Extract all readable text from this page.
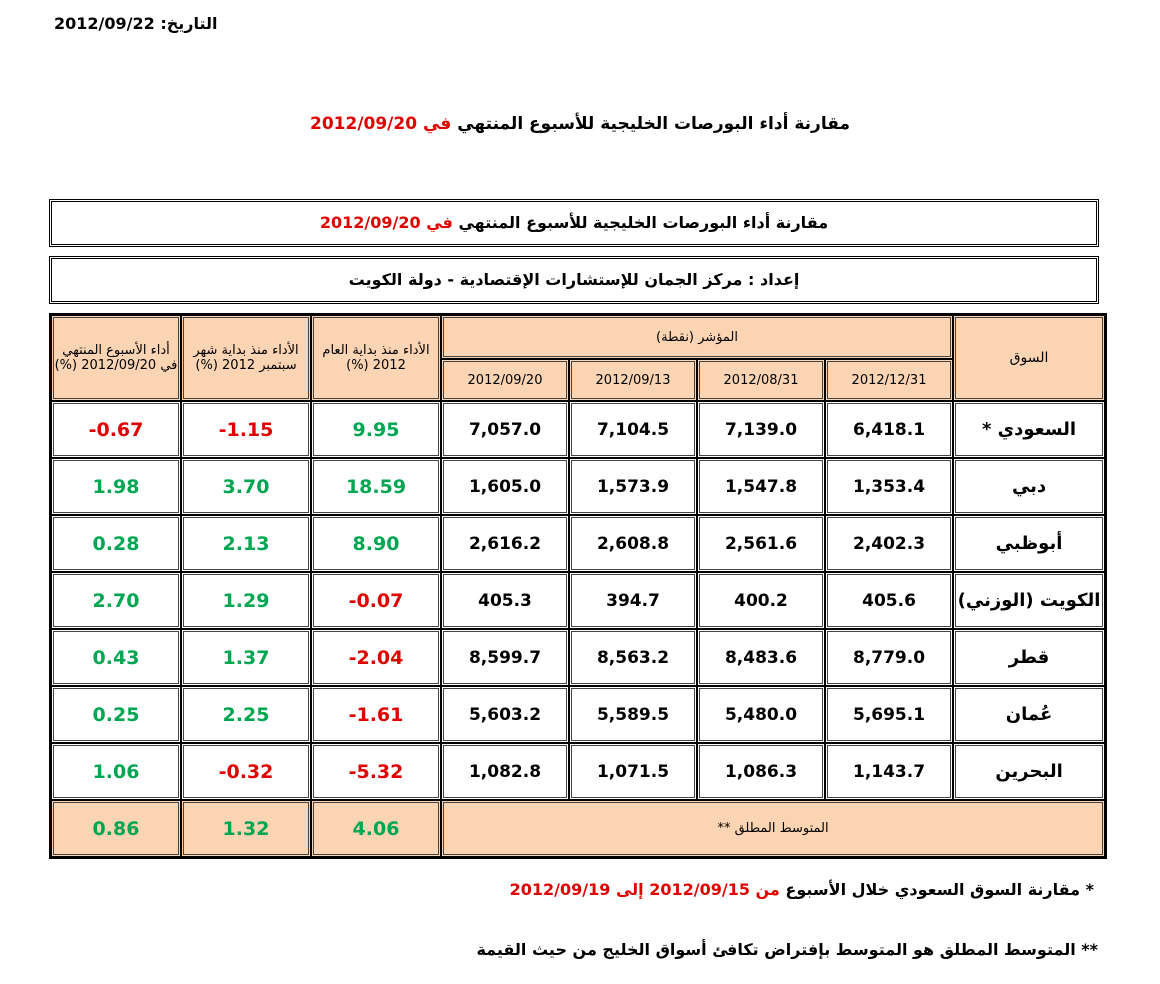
التاريخ: 2012/09/22
مقارنة أداء البورصات الخليجية للأسبوع المنتهي في 2012/09/20
مقارنة أداء البورصات الخليجية للأسبوع المنتهي في 2012/09/20
إعداد : مركز الجمان للإستشارات الإقتصادية - دولة الكويت
أداء الأسبوع المنتهي في 2012/09/20 (%)	الأداء منذ بداية شهر سبتمبر 2012 (%)	الأداء منذ بداية العام 2012 (%)	المؤشر (نقطة)				السوق
			2012/09/20	2012/09/13	2012/08/31	2012/12/31	
-0.67	-1.15	9.95	7,057.0	7,104.5	7,139.0	6,418.1	السعودي *
1.98	3.70	18.59	1,605.0	1,573.9	1,547.8	1,353.4	دبي
0.28	2.13	8.90	2,616.2	2,608.8	2,561.6	2,402.3	أبوظبي
2.70	1.29	-0.07	405.3	394.7	400.2	405.6	الكويت (الوزني)
0.43	1.37	-2.04	8,599.7	8,563.2	8,483.6	8,779.0	قطر
0.25	2.25	-1.61	5,603.2	5,589.5	5,480.0	5,695.1	عُمان
1.06	-0.32	-5.32	1,082.8	1,071.5	1,086.3	1,143.7	البحرين
0.86	1.32	4.06	المتوسط المطلق **				
* مقارنة السوق السعودي خلال الأسبوع من 2012/09/15 إلى 2012/09/19
** المتوسط المطلق هو المتوسط بإفتراض تكافئ أسواق الخليج من حيث القيمة
